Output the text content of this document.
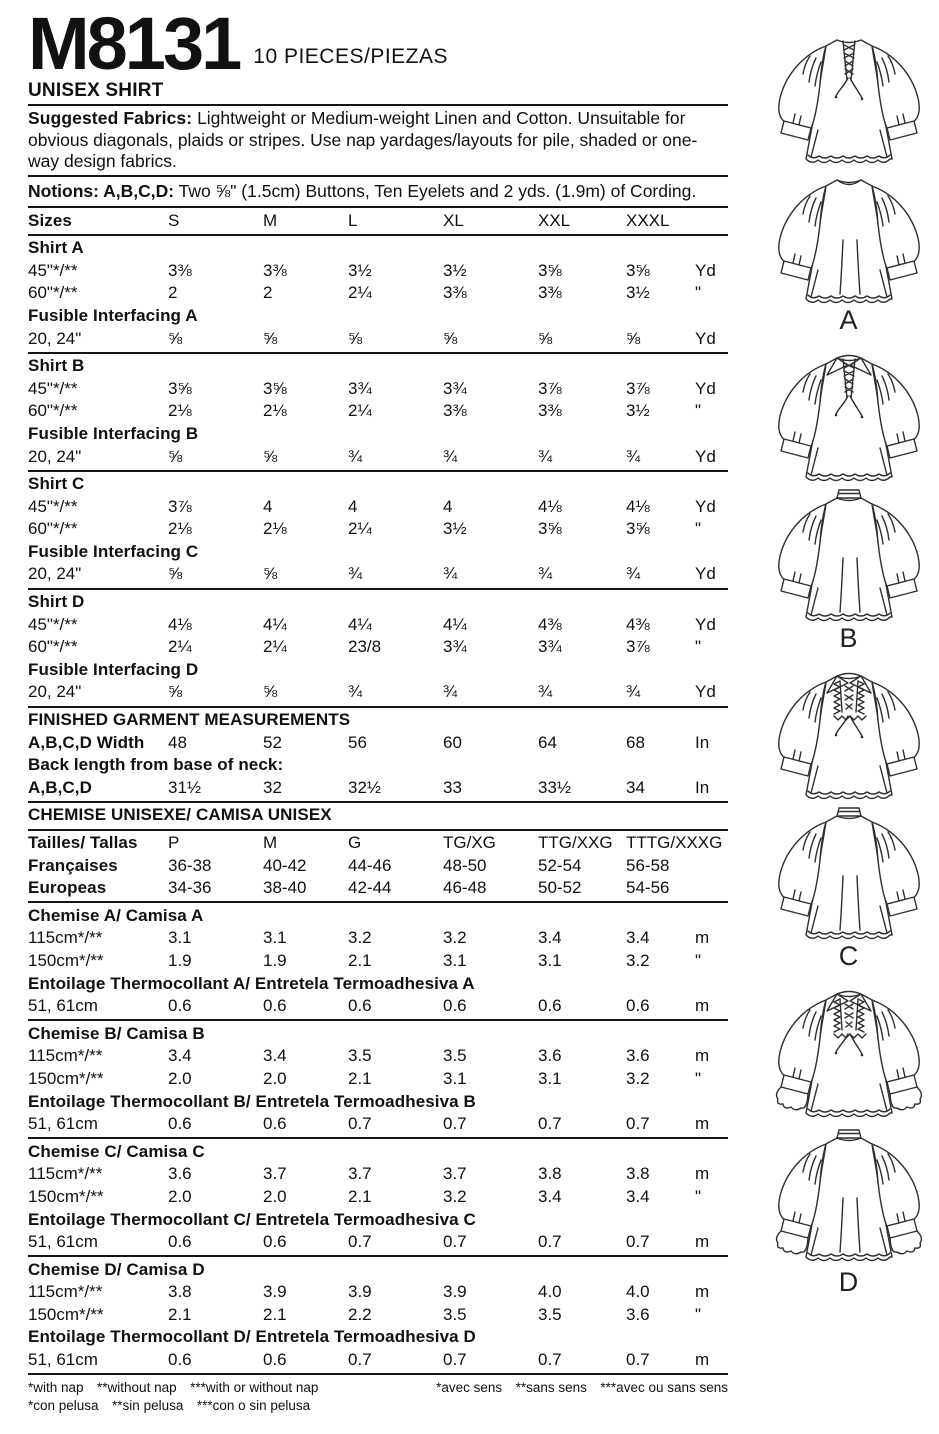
M8131 10 PIECES/PIEZAS
UNISEX SHIRT
Suggested Fabrics: Lightweight or Medium-weight Linen and Cotton. Unsuitable for obvious diagonals, plaids or stripes. Use nap yardages/layouts for pile, shaded or one-way design fabrics.
Notions: A,B,C,D: Two ⅝" (1.5cm) Buttons, Ten Eyelets and 2 yds. (1.9m) of Cording.
Sizes	S	M	L	XL	XXL	XXXL
Shirt A
45"*/**	3⅜	3⅜	3½	3½	3⅝	3⅝	Yd
60"*/**	2	2	2¼	3⅜	3⅜	3½	"
Fusible Interfacing A
20, 24"	⅝	⅝	⅝	⅝	⅝	⅝	Yd
Shirt B
45"*/**	3⅝	3⅝	3¾	3¾	3⅞	3⅞	Yd
60"*/**	2⅛	2⅛	2¼	3⅜	3⅜	3½	"
Fusible Interfacing B
20, 24"	⅝	⅝	¾	¾	¾	¾	Yd
Shirt C
45"*/**	3⅞	4	4	4	4⅛	4⅛	Yd
60"*/**	2⅛	2⅛	2¼	3½	3⅝	3⅝	"
Fusible Interfacing C
20, 24"	⅝	⅝	¾	¾	¾	¾	Yd
Shirt D
45"*/**	4⅛	4¼	4¼	4¼	4⅜	4⅜	Yd
60"*/**	2¼	2¼	23/8	3¾	3¾	3⅞	"
Fusible Interfacing D
20, 24"	⅝	⅝	¾	¾	¾	¾	Yd
FINISHED GARMENT MEASUREMENTS
A,B,C,D Width	48	52	56	60	64	68	In
Back length from base of neck:
A,B,C,D	31½	32	32½	33	33½	34	In
CHEMISE UNISEXE/ CAMISA UNISEX
Tailles/ Tallas	P	M	G	TG/XG	TTG/XXG TTTG/XXXG
Françaises	36-38	40-42	44-46	48-50	52-54	56-58
Europeas	34-36	38-40	42-44	46-48	50-52	54-56
Chemise A/ Camisa A
115cm*/**	3.1	3.1	3.2	3.2	3.4	3.4	m
150cm*/**	1.9	1.9	2.1	3.1	3.1	3.2	"
Entoilage Thermocollant A/ Entretela Termoadhesiva A
51, 61cm	0.6	0.6	0.6	0.6	0.6	0.6	m
Chemise B/ Camisa B
115cm*/**	3.4	3.4	3.5	3.5	3.6	3.6	m
150cm*/**	2.0	2.0	2.1	3.1	3.1	3.2	"
Entoilage Thermocollant B/ Entretela Termoadhesiva B
51, 61cm	0.6	0.6	0.7	0.7	0.7	0.7	m
Chemise C/ Camisa C
115cm*/**	3.6	3.7	3.7	3.7	3.8	3.8	m
150cm*/**	2.0	2.0	2.1	3.2	3.4	3.4	"
Entoilage Thermocollant C/ Entretela Termoadhesiva C
51, 61cm	0.6	0.6	0.7	0.7	0.7	0.7	m
Chemise D/ Camisa D
115cm*/**	3.8	3.9	3.9	3.9	4.0	4.0	m
150cm*/**	2.1	2.1	2.2	3.5	3.5	3.6	"
Entoilage Thermocollant D/ Entretela Termoadhesiva D
51, 61cm	0.6	0.6	0.7	0.7	0.7	0.7	m
*with nap **without nap ***with or without nap	*avec sens **sans sens ***avec ou sans sens
*con pelusa **sin pelusa ***con o sin pelusa
A
B
C
D
